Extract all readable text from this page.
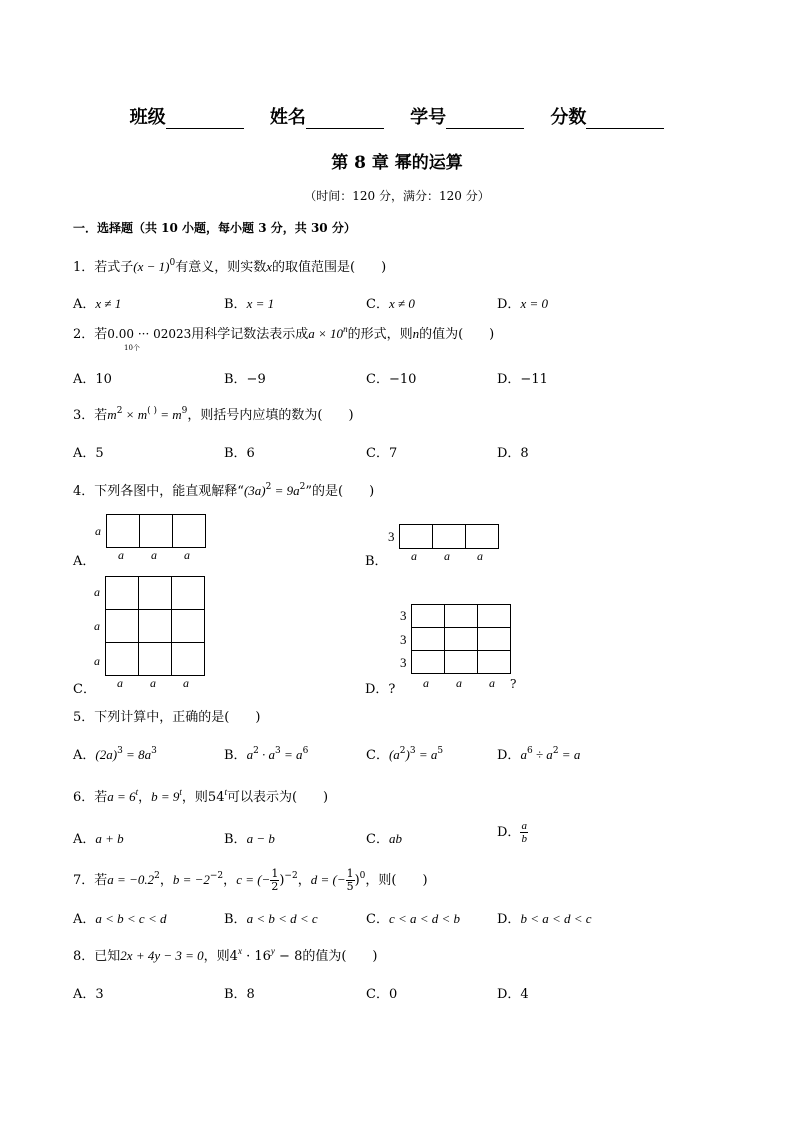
班级	姓名	学号	分数
第 8 章 幂的运算
（时间：120 分，满分：120 分）
一．选择题（共 10 小题，每小题 3 分，共 30 分）
1．若式子$(x - 1)^0$有意义，则实数x的取值范围是(　　)
A．x ≠ 1	B．x = 1	C．x ≠ 0	D．x = 0
2．若0.00 ··· 02023用科学记数法表示成$a \times 10^n$的形式，则n的值为(　　)
10个
A．10	B．−9	C．−10	D．−11
3．若$m^2 \times m^{( )} = m^9$，则括号内应填的数为(　　)
A．5	B．6	C．7	D．8
4．下列各图中，能直观解释“$(3a)^2 = 9a^2$”的是(　　)
a
a a a
A．
3
a a a
B．
a
a
a
a a a
C．
3
3
3
a a a ?
D．?
5．下列计算中，正确的是(　　)
A．$(2a)^3 = 8a^3$	B．$a^2 \cdot a^3 = a^6$	C．$(a^2)^3 = a^5$	D．$a^6 \div a^2 = a$
6．若$a = 6^t$，$b = 9^t$，则54$^t$可以表示为(　　)
A．a + b	B．a − b	C．ab	D． $\frac{a}{b}$
7．若$a = -0.2^2$，$b = -2^{-2}$，c = (− $\frac{1}{2} )^{-2}$，d = (− $\frac{1}{5} )^0$，则(　　)
A．a < b < c < d	B．a < b < d < c	C．c < a < d < b	D．b < a < d < c
8．已知2x + 4y − 3 = 0，则$4^x \cdot 16^y - 8$的值为(　　)
A．3	B．8	C．0	D．4
